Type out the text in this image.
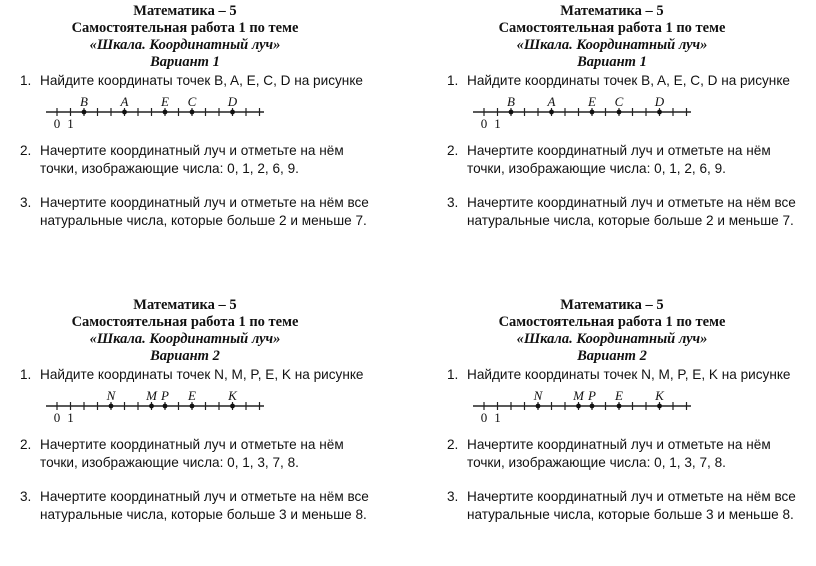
Математика – 5
Самостоятельная работа 1 по теме
«Шкала. Координатный луч»
Вариант 1
1. Найдите координаты точек B, A, E, C, D на рисунке
2. Начертите координатный луч и отметьте на нём
точки, изображающие числа: 0, 1, 2, 6, 9.
3. Начертите координатный луч и отметьте на нём все
натуральные числа, которые больше 2 и меньше 7.
B	A	E C D
0 1
Математика – 5
Самостоятельная работа 1 по теме
«Шкала. Координатный луч»
Вариант 1
1. Найдите координаты точек B, A, E, C, D на рисунке
2. Начертите координатный луч и отметьте на нём
точки, изображающие числа: 0, 1, 2, 6, 9.
3. Начертите координатный луч и отметьте на нём все
натуральные числа, которые больше 2 и меньше 7.
B	A	E C D
0 1
Математика – 5
Самостоятельная работа 1 по теме
«Шкала. Координатный луч»
Вариант 2
1. Найдите координаты точек N, M, P, E, K на рисунке
2. Начертите координатный луч и отметьте на нём
точки, изображающие числа: 0, 1, 3, 7, 8.
3. Начертите координатный луч и отметьте на нём все
натуральные числа, которые больше 3 и меньше 8.
N M P E K
0 1
Математика – 5
Самостоятельная работа 1 по теме
«Шкала. Координатный луч»
Вариант 2
1. Найдите координаты точек N, M, P, E, K на рисунке
2. Начертите координатный луч и отметьте на нём
точки, изображающие числа: 0, 1, 3, 7, 8.
3. Начертите координатный луч и отметьте на нём все
натуральные числа, которые больше 3 и меньше 8.
N M P E K
0 1
